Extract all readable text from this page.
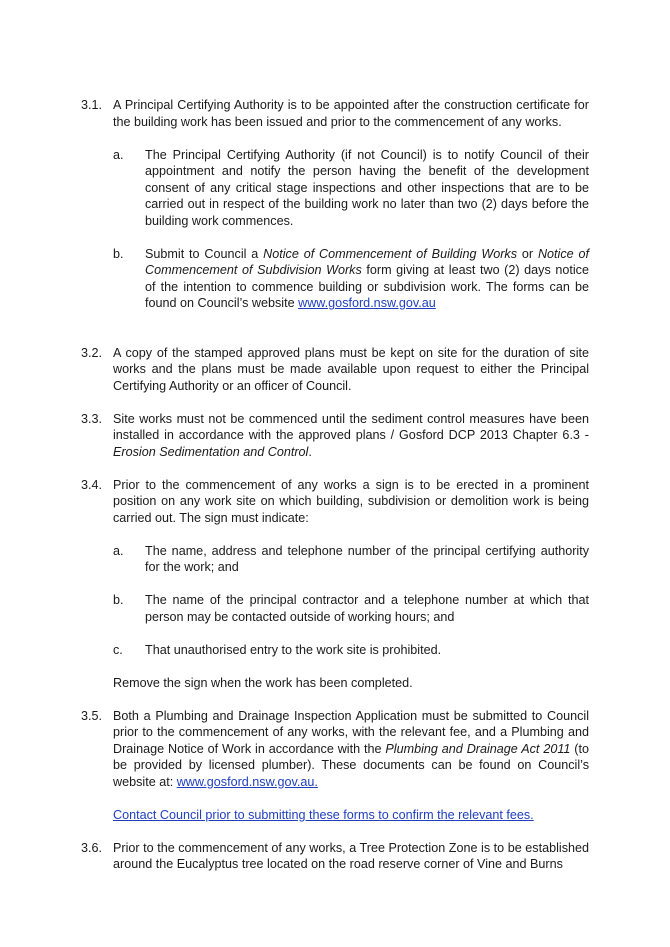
3.1. A Principal Certifying Authority is to be appointed after the construction certificate for the building work has been issued and prior to the commencement of any works.

a.	The Principal Certifying Authority (if not Council) is to notify Council of their appointment and notify the person having the benefit of the development consent of any critical stage inspections and other inspections that are to be carried out in respect of the building work no later than two (2) days before the building work commences.
b.	Submit to Council a Notice of Commencement of Building Works or Notice of Commencement of Subdivision Works form giving at least two (2) days notice of the intention to commence building or subdivision work. The forms can be found on Council’s website www.gosford.nsw.gov.au
3.2. A copy of the stamped approved plans must be kept on site for the duration of site works and the plans must be made available upon request to either the Principal Certifying Authority or an officer of Council.

3.3. Site works must not be commenced until the sediment control measures have been installed in accordance with the approved plans / Gosford DCP 2013 Chapter 6.3 - Erosion Sedimentation and Control.

3.4. Prior to the commencement of any works a sign is to be erected in a prominent position on any work site on which building, subdivision or demolition work is being carried out. The sign must indicate:

a.	The name, address and telephone number of the principal certifying authority for the work; and
b.	The name of the principal contractor and a telephone number at which that person may be contacted outside of working hours; and
c.	That unauthorised entry to the work site is prohibited.

Remove the sign when the work has been completed.

3.5. Both a Plumbing and Drainage Inspection Application must be submitted to Council prior to the commencement of any works, with the relevant fee, and a Plumbing and Drainage Notice of Work in accordance with the Plumbing and Drainage Act 2011 (to be provided by licensed plumber). These documents can be found on Council’s website at: www.gosford.nsw.gov.au.

Contact Council prior to submitting these forms to confirm the relevant fees.

3.6. Prior to the commencement of any works, a Tree Protection Zone is to be established around the Eucalyptus tree located on the road reserve corner of Vine and Burns
